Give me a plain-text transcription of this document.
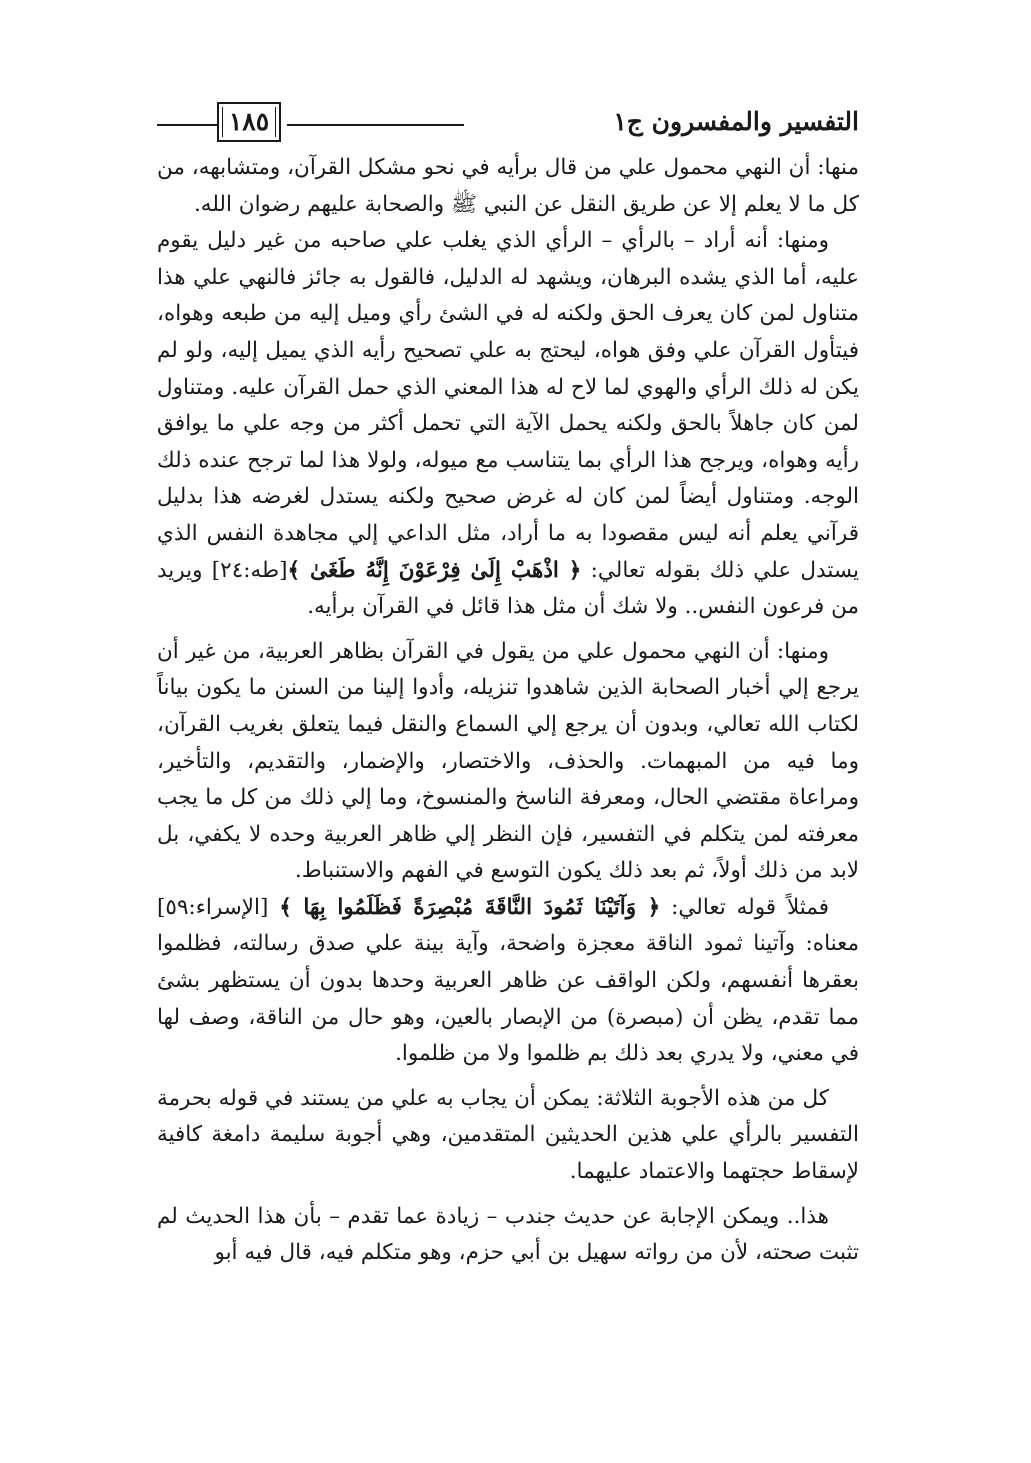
١٨٥	التفسير والمفسرون ج١

منها: أن النهي محمول علي من قال برأيه في نحو مشكل القرآن، ومتشابهه، من كل ما لا يعلم إلا عن طريق النقل عن النبي ﷺ والصحابة عليهم رضوان الله.

ومنها: أنه أراد – بالرأي – الرأي الذي يغلب علي صاحبه من غير دليل يقوم عليه، أما الذي يشده البرهان، ويشهد له الدليل، فالقول به جائز فالنهي علي هذا متناول لمن كان يعرف الحق ولكنه له في الشئ رأي وميل إليه من طبعه وهواه، فيتأول القرآن علي وفق هواه، ليحتج به علي تصحيح رأيه الذي يميل إليه، ولو لم يكن له ذلك الرأي والهوي لما لاح له هذا المعني الذي حمل القرآن عليه. ومتناول لمن كان جاهلاً بالحق ولكنه يحمل الآية التي تحمل أكثر من وجه علي ما يوافق رأيه وهواه، ويرجح هذا الرأي بما يتناسب مع ميوله، ولولا هذا لما ترجح عنده ذلك الوجه. ومتناول أيضاً لمن كان له غرض صحيح ولكنه يستدل لغرضه هذا بدليل قرآني يعلم أنه ليس مقصودا به ما أراد، مثل الداعي إلي مجاهدة النفس الذي يستدل علي ذلك بقوله تعالي: ﴿ اذْهَبْ إِلَىٰ فِرْعَوْنَ إِنَّهُ طَغَىٰ ﴾[طه:٢٤] ويريد من فرعون النفس.. ولا شك أن مثل هذا قائل في القرآن برأيه.

ومنها: أن النهي محمول علي من يقول في القرآن بظاهر العربية، من غير أن يرجع إلي أخبار الصحابة الذين شاهدوا تنزيله، وأدوا إلينا من السنن ما يكون بياناً لكتاب الله تعالي، وبدون أن يرجع إلي السماع والنقل فيما يتعلق بغريب القرآن، وما فيه من المبهمات. والحذف، والاختصار، والإضمار، والتقديم، والتأخير، ومراعاة مقتضي الحال، ومعرفة الناسخ والمنسوخ، وما إلي ذلك من كل ما يجب معرفته لمن يتكلم في التفسير، فإن النظر إلي ظاهر العربية وحده لا يكفي، بل لابد من ذلك أولاً، ثم بعد ذلك يكون التوسع في الفهم والاستنباط.

فمثلاً قوله تعالي: ﴿ وَآتَيْنَا ثَمُودَ النَّاقَةَ مُبْصِرَةً فَظَلَمُوا بِهَا ﴾ [الإسراء:٥٩] معناه: وآتينا ثمود الناقة معجزة واضحة، وآية بينة علي صدق رسالته، فظلموا بعقرها أنفسهم، ولكن الواقف عن ظاهر العربية وحدها بدون أن يستظهر بشئ مما تقدم، يظن أن (مبصرة) من الإبصار بالعين، وهو حال من الناقة، وصف لها في معني، ولا يدري بعد ذلك بم ظلموا ولا من ظلموا.

كل من هذه الأجوبة الثلاثة: يمكن أن يجاب به علي من يستند في قوله بحرمة التفسير بالرأي علي هذين الحديثين المتقدمين، وهي أجوبة سليمة دامغة كافية لإسقاط حجتهما والاعتماد عليهما.

هذا.. ويمكن الإجابة عن حديث جندب – زيادة عما تقدم – بأن هذا الحديث لم تثبت صحته، لأن من رواته سهيل بن أبي حزم، وهو متكلم فيه، قال فيه أبو
